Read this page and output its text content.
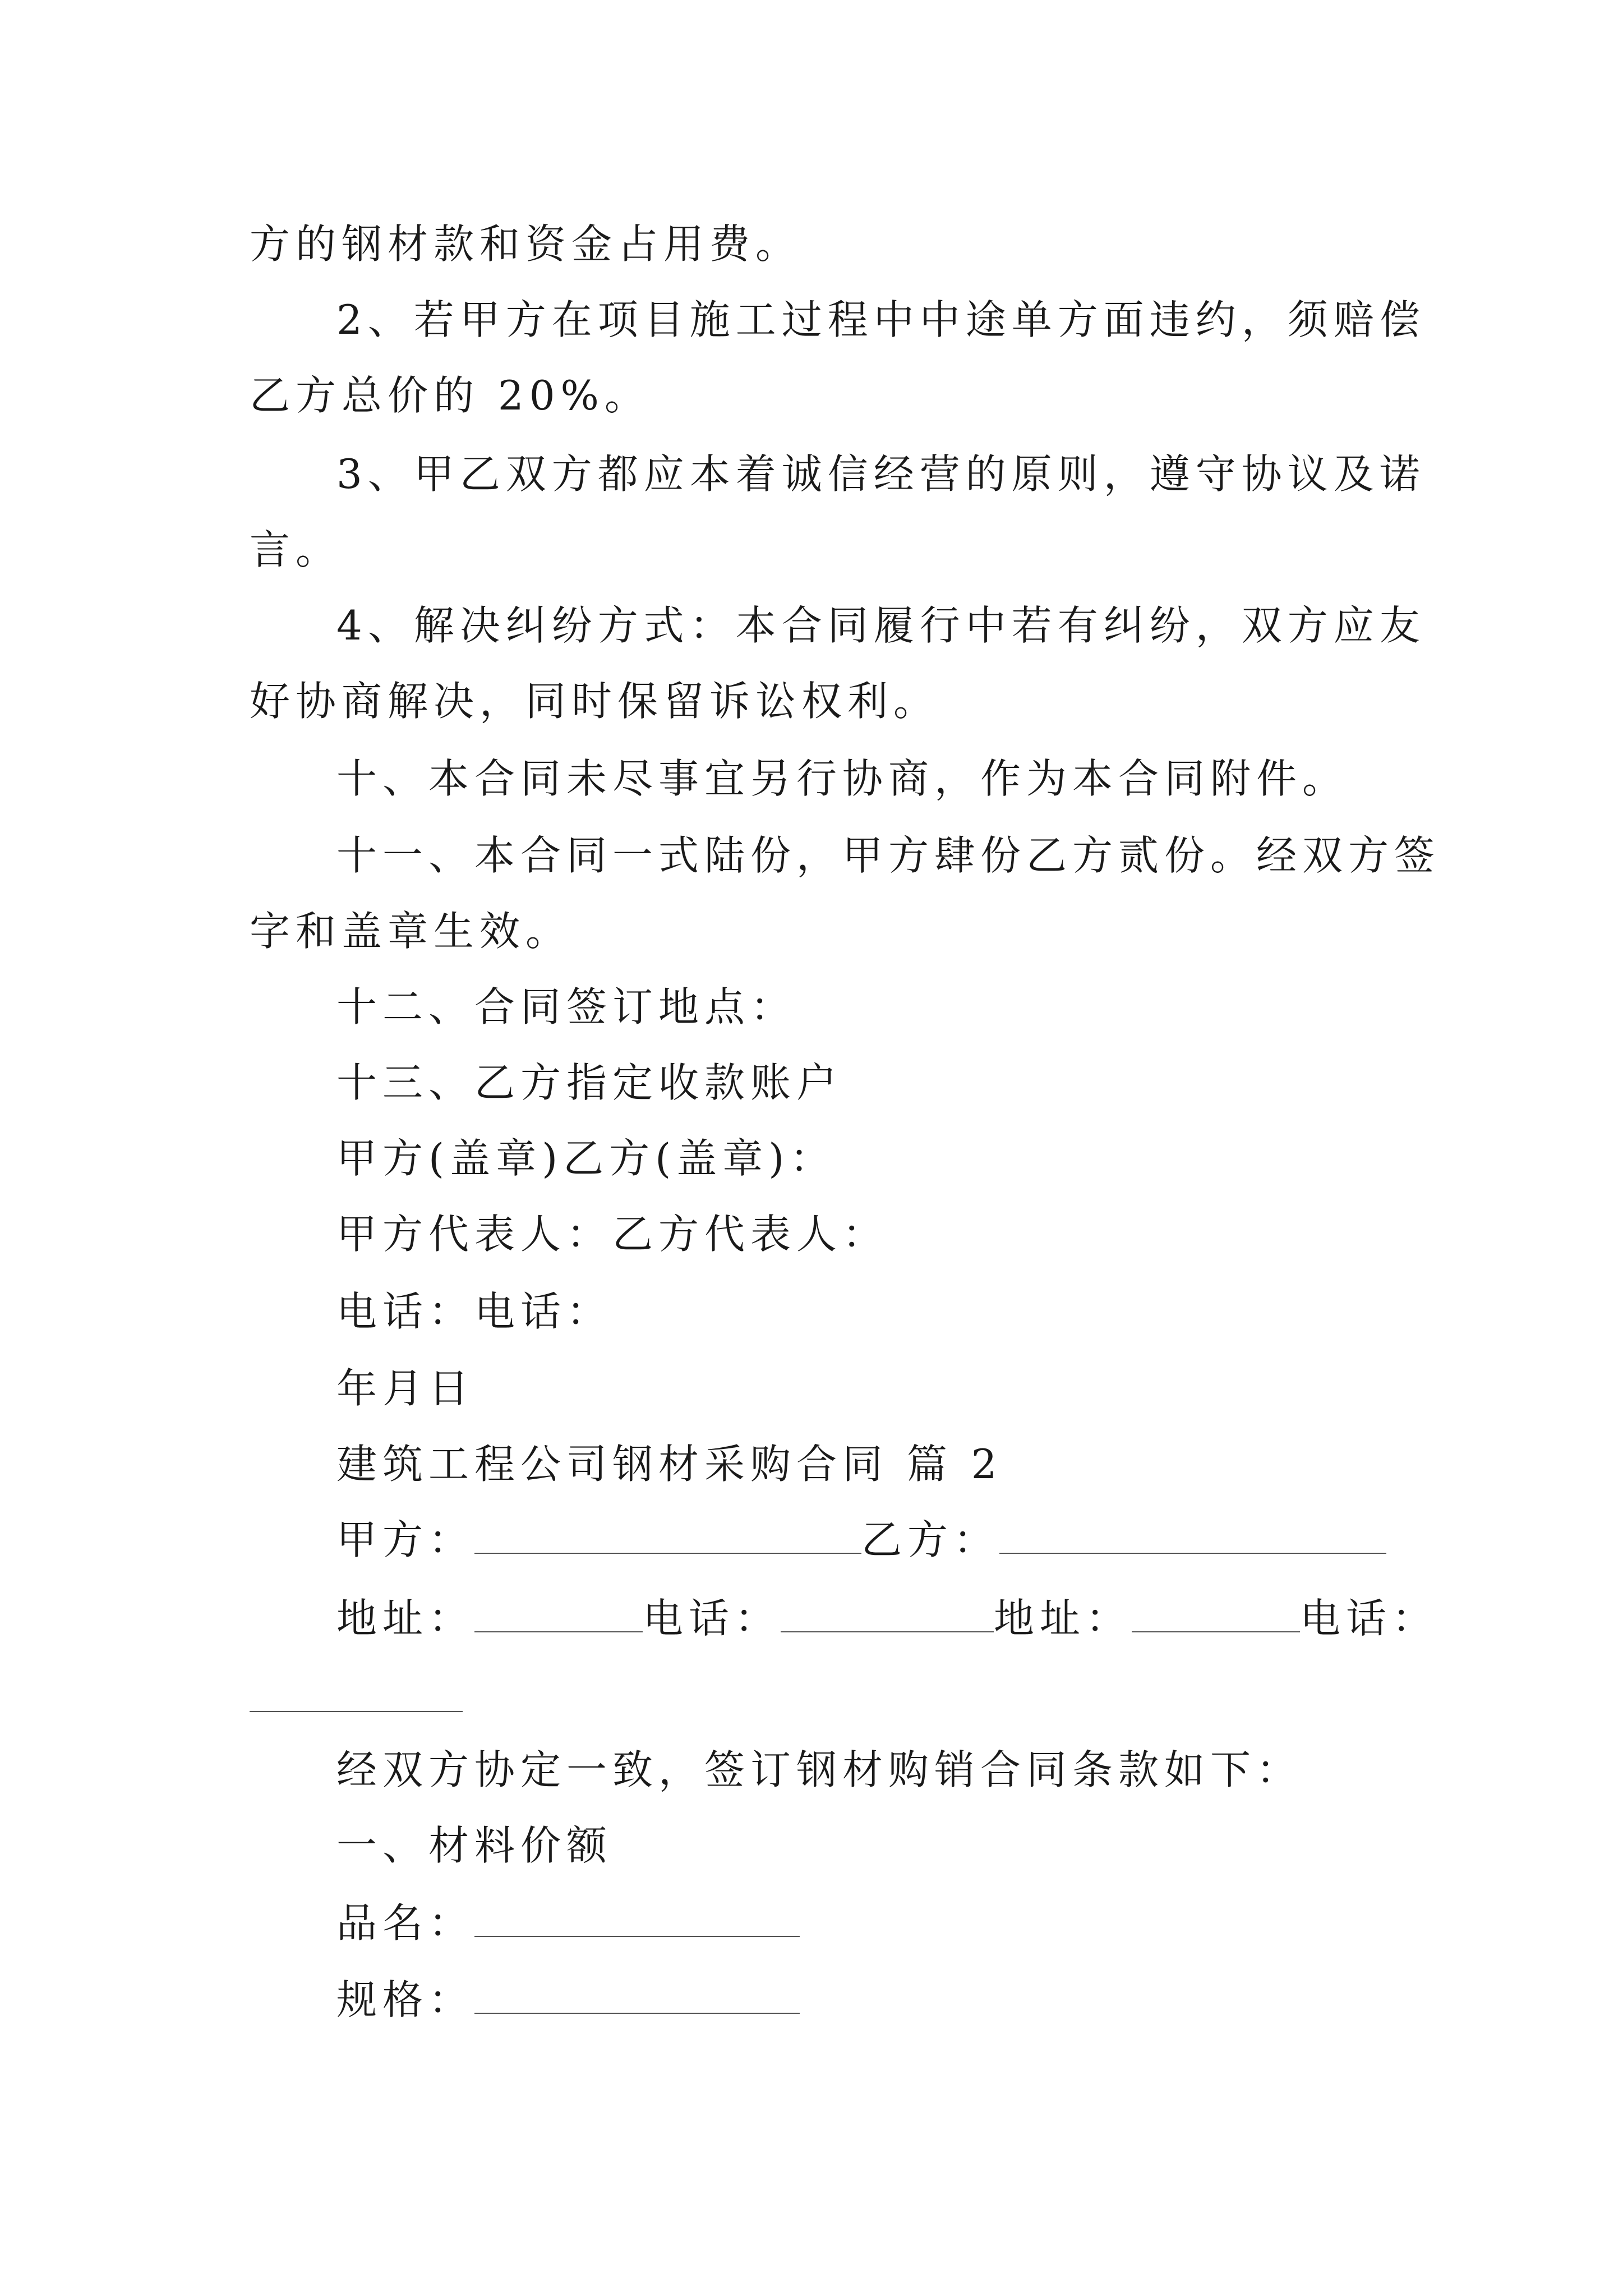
方的钢材款和资金占用费。
2、若甲方在项目施工过程中中途单方面违约，须赔偿
乙方总价的 20%。
3、甲乙双方都应本着诚信经营的原则，遵守协议及诺
言。
4、解决纠纷方式：本合同履行中若有纠纷，双方应友
好协商解决，同时保留诉讼权利。
十、本合同未尽事宜另行协商，作为本合同附件。
十一、本合同一式陆份，甲方肆份乙方贰份。经双方签
字和盖章生效。
十二、合同签订地点：
十三、乙方指定收款账户
甲方(盖章)乙方(盖章)：
甲方代表人：乙方代表人：
电话：电话：
年月日
建筑工程公司钢材采购合同 篇 2
甲方：	乙方：
地址：	电话：	地址：	电话：
经双方协定一致，签订钢材购销合同条款如下：
一、材料价额
品名：
规格：
